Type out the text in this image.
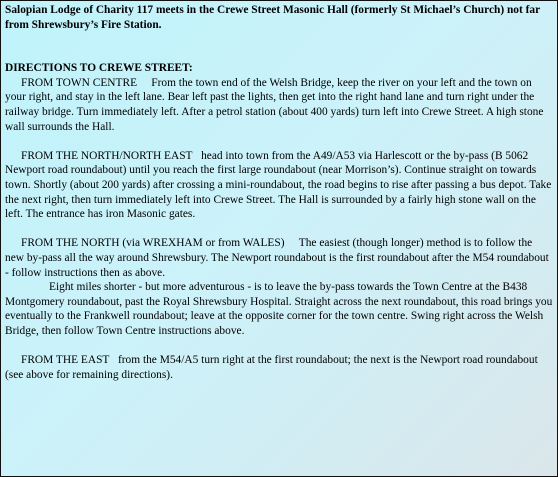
Salopian Lodge of Charity 117 meets in the Crewe Street Masonic Hall (formerly St Michael’s Church) not far from Shrewsbury’s Fire Station.

DIRECTIONS TO CREWE STREET:

FROM TOWN CENTRE From the town end of the Welsh Bridge, keep the river on your left and the town on your right, and stay in the left lane. Bear left past the lights, then get into the right hand lane and turn right under the railway bridge. Turn immediately left. After a petrol station (about 400 yards) turn left into Crewe Street. A high stone wall surrounds the Hall.

FROM THE NORTH/NORTH EAST head into town from the A49/A53 via Harlescott or the by-pass (B 5062 Newport road roundabout) until you reach the first large roundabout (near Morrison’s). Continue straight on towards town. Shortly (about 200 yards) after crossing a mini-roundabout, the road begins to rise after passing a bus depot. Take the next right, then turn immediately left into Crewe Street. The Hall is surrounded by a fairly high stone wall on the left. The entrance has iron Masonic gates.

FROM THE NORTH (via WREXHAM or from WALES) The easiest (though longer) method is to follow the new by-pass all the way around Shrewsbury. The Newport roundabout is the first roundabout after the M54 roundabout - follow instructions then as above.

Eight miles shorter - but more adventurous - is to leave the by-pass towards the Town Centre at the B438 Montgomery roundabout, past the Royal Shrewsbury Hospital. Straight across the next roundabout, this road brings you eventually to the Frankwell roundabout; leave at the opposite corner for the town centre. Swing right across the Welsh Bridge, then follow Town Centre instructions above.

FROM THE EAST from the M54/A5 turn right at the first roundabout; the next is the Newport road roundabout (see above for remaining directions).
